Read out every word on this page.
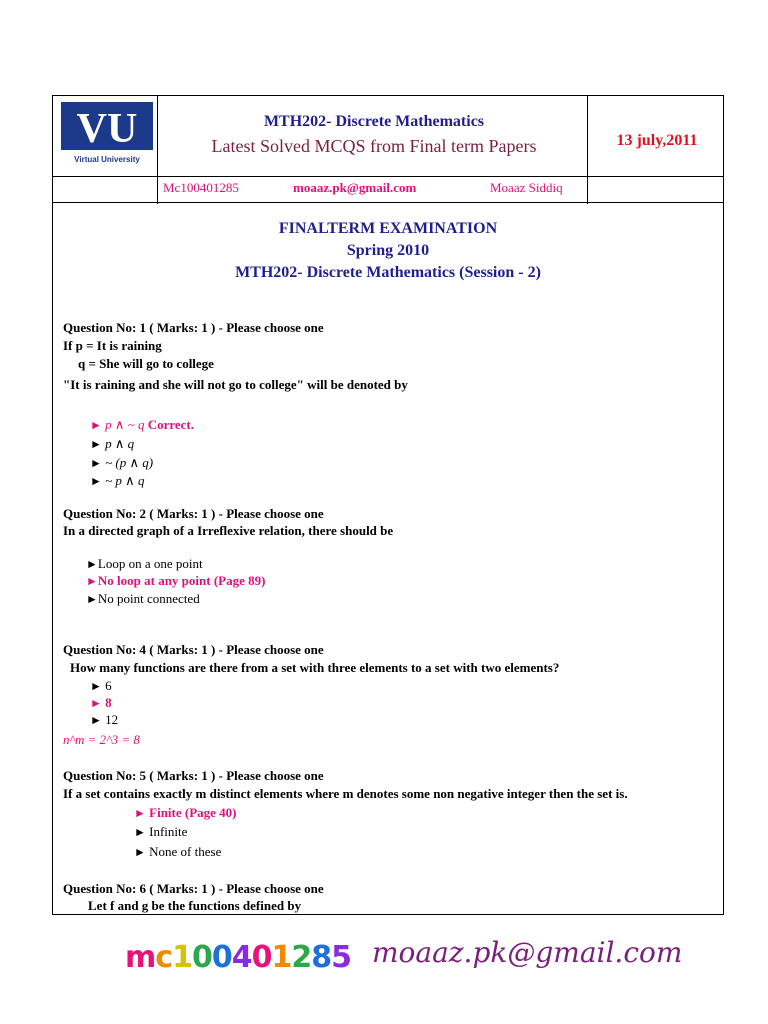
VU
Virtual University
MTH202- Discrete Mathematics
Latest Solved MCQS from Final term Papers	13 july,2011
Mc100401285	moaaz.pk@gmail.com	Moaaz Siddiq
FINALTERM EXAMINATION
Spring 2010
MTH202- Discrete Mathematics (Session - 2)
Question No: 1 ( Marks: 1 ) - Please choose one
If p = It is raining
q = She will go to college
"It is raining and she will not go to college" will be denoted by
► p ∧ ~ q Correct.
► p ∧ q
► ~ (p ∧ q)
► ~ p ∧ q
Question No: 2 ( Marks: 1 ) - Please choose one
In a directed graph of a Irreflexive relation, there should be
►Loop on a one point
►No loop at any point (Page 89)
►No point connected
Question No: 4 ( Marks: 1 ) - Please choose one
How many functions are there from a set with three elements to a set with two elements?
► 6
► 8
► 12
n^m = 2^3 = 8
Question No: 5 ( Marks: 1 ) - Please choose one
If a set contains exactly m distinct elements where m denotes some non negative integer then the set is.
► Finite (Page 40)
► Infinite
► None of these
Question No: 6 ( Marks: 1 ) - Please choose one
Let f and g be the functions defined by
mc100401285 moaaz.pk@gmail.com
